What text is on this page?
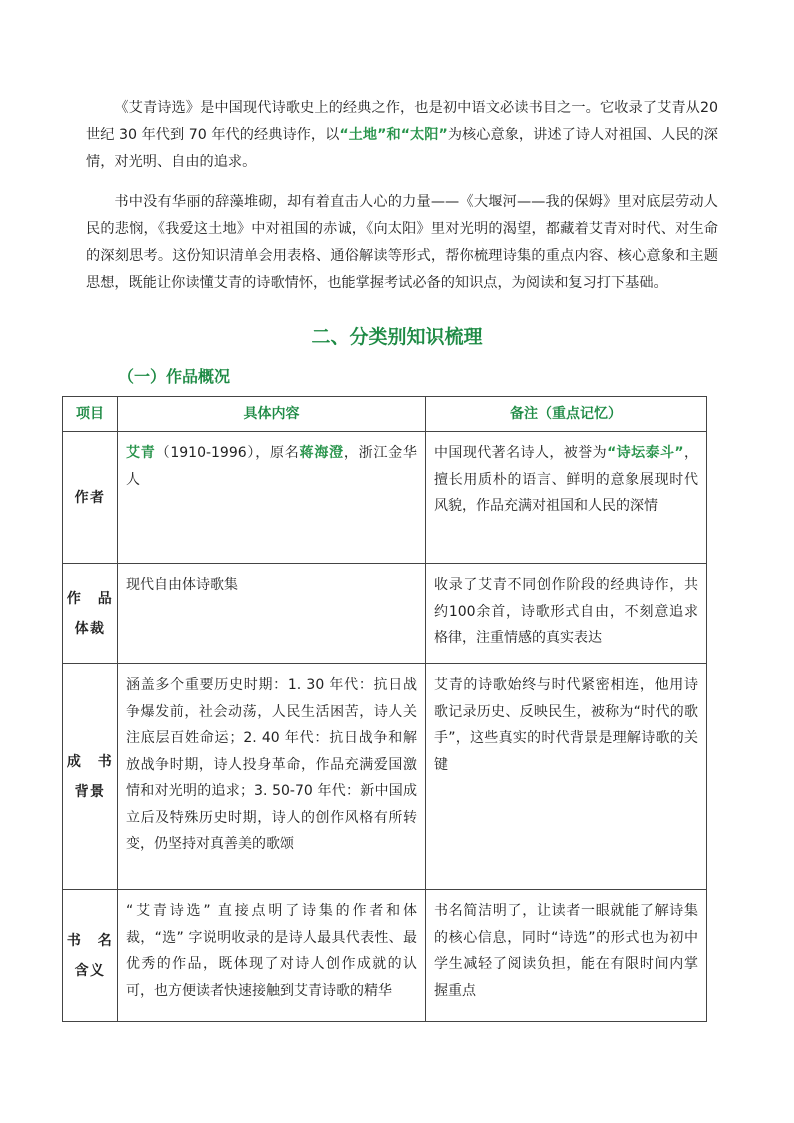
《艾青诗选》是中国现代诗歌史上的经典之作，也是初中语文必读书目之一。它收录了艾青从20世纪 30 年代到 70 年代的经典诗作，以“土地”和“太阳”为核心意象，讲述了诗人对祖国、人民的深情，对光明、自由的追求。

书中没有华丽的辞藻堆砌，却有着直击人心的力量——《大堰河——我的保姆》里对底层劳动人民的悲悯，《我爱这土地》中对祖国的赤诚，《向太阳》里对光明的渴望，都藏着艾青对时代、对生命的深刻思考。这份知识清单会用表格、通俗解读等形式，帮你梳理诗集的重点内容、核心意象和主题思想，既能让你读懂艾青的诗歌情怀，也能掌握考试必备的知识点，为阅读和复习打下基础。

二、分类别知识梳理
（一）作品概况
项目	具体内容	备注（重点记忆）
作者	艾青（1910-1996），原名蒋海澄，浙江金华人	中国现代著名诗人，被誉为“诗坛泰斗”，擅长用质朴的语言、鲜明的意象展现时代风貌，作品充满对祖国和人民的深情

作　品
体裁	现代自由体诗歌集	收录了艾青不同创作阶段的经典诗作，共约100余首，诗歌形式自由，不刻意追求格律，注重情感的真实表达

成　书
背景	涵盖多个重要历史时期：1. 30 年代：抗日战争爆发前，社会动荡，人民生活困苦，诗人关注底层百姓命运；2. 40 年代：抗日战争和解放战争时期，诗人投身革命，作品充满爱国激情和对光明的追求；3. 50-70 年代：新中国成立后及特殊历史时期，诗人的创作风格有所转变，仍坚持对真善美的歌颂	艾青的诗歌始终与时代紧密相连，他用诗歌记录历史、反映民生，被称为“时代的歌手”，这些真实的时代背景是理解诗歌的关键

书　名
含义	“艾青诗选” 直接点明了诗集的作者和体裁，“选” 字说明收录的是诗人最具代表性、最优秀的作品，既体现了对诗人创作成就的认可，也方便读者快速接触到艾青诗歌的精华	书名简洁明了，让读者一眼就能了解诗集的核心信息，同时“诗选”的形式也为初中学生减轻了阅读负担，能在有限时间内掌握重点
